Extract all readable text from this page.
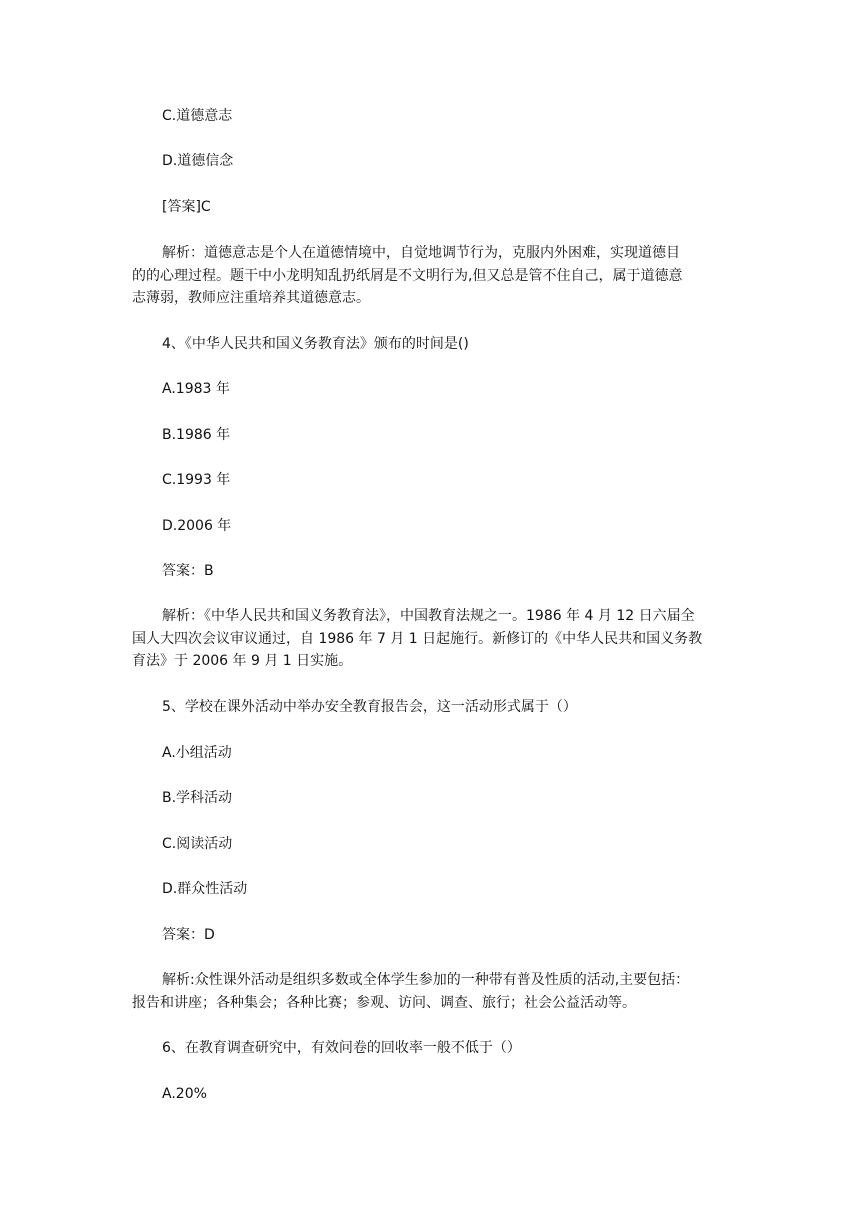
C.道德意志
D.道德信念
[答案]C
解析：道德意志是个人在道德情境中，自觉地调节行为，克服内外困难，实现道德目
的的心理过程。题干中小龙明知乱扔纸屑是不文明行为,但又总是管不住自己，属于道德意
志薄弱，教师应注重培养其道德意志。
4、《中华人民共和国义务教育法》颁布的时间是()
A.1983 年
B.1986 年
C.1993 年
D.2006 年
答案：B
解析：《中华人民共和国义务教育法》，中国教育法规之一。1986 年 4 月 12 日六届全
国人大四次会议审议通过，自 1986 年 7 月 1 日起施行。新修订的《中华人民共和国义务教
育法》于 2006 年 9 月 1 日实施。
5、学校在课外活动中举办安全教育报告会，这一活动形式属于（）
A.小组活动
B.学科活动
C.阅读活动
D.群众性活动
答案：D
解析:众性课外活动是组织多数或全体学生参加的一种带有普及性质的活动,主要包括：
报告和讲座；各种集会；各种比赛；参观、访问、调查、旅行；社会公益活动等。
6、在教育调查研究中，有效问卷的回收率一般不低于（）
A.20%
